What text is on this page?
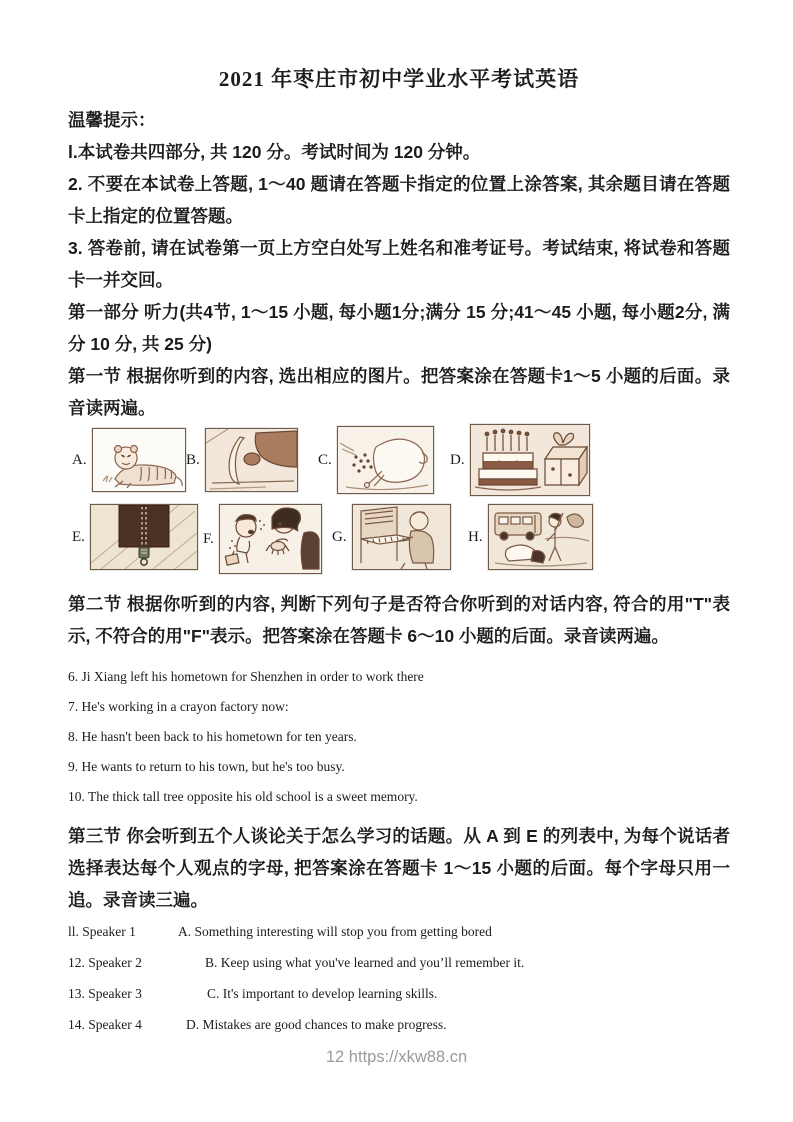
2021 年枣庄市初中学业水平考试英语

温馨提示：

l.本试卷共四部分, 共 120 分。考试时间为 120 分钟。

2. 不要在本试卷上答题, 1～40 题请在答题卡指定的位置上涂答案, 其余题目请在答题卡上指定的位置答题。

3. 答卷前, 请在试卷第一页上方空白处写上姓名和准考证号。考试结束, 将试卷和答题卡一并交回。

第一部分 听力(共4节, 1～15 小题, 每小题1分;满分 15 分;41～45 小题, 每小题2分, 满分 10 分, 共 25 分)

第一节 根据你听到的内容, 选出相应的图片。把答案涂在答题卡1～5 小题的后面。录音读两遍。

A.	B.	C.	D.
E.	F.	G.	H.

第二节 根据你听到的内容, 判断下列句子是否符合你听到的对话内容, 符合的用"T"表示, 不符合的用"F"表示。把答案涂在答题卡 6～10 小题的后面。录音读两遍。

6. Ji Xiang left his hometown for Shenzhen in order to work there

7. He's working in a crayon factory now:

8. He hasn't been back to his hometown for ten years.

9. He wants to return to his town, but he's too busy.

10. The thick tall tree opposite his old school is a sweet memory.

第三节 你会听到五个人谈论关于怎么学习的话题。从 A 到 E 的列表中, 为每个说话者选择表达每个人观点的字母, 把答案涂在答题卡 1～15 小题的后面。每个字母只用一追。录音读三遍。

ll. Speaker 1	A. Something interesting will stop you from getting bored
12. Speaker 2	B. Keep using what you've learned and you’ll remember it.
13. Speaker 3	C. It's important to develop learning skills.
14. Speaker 4	D. Mistakes are good chances to make progress.
12 https://xkw88.cn
